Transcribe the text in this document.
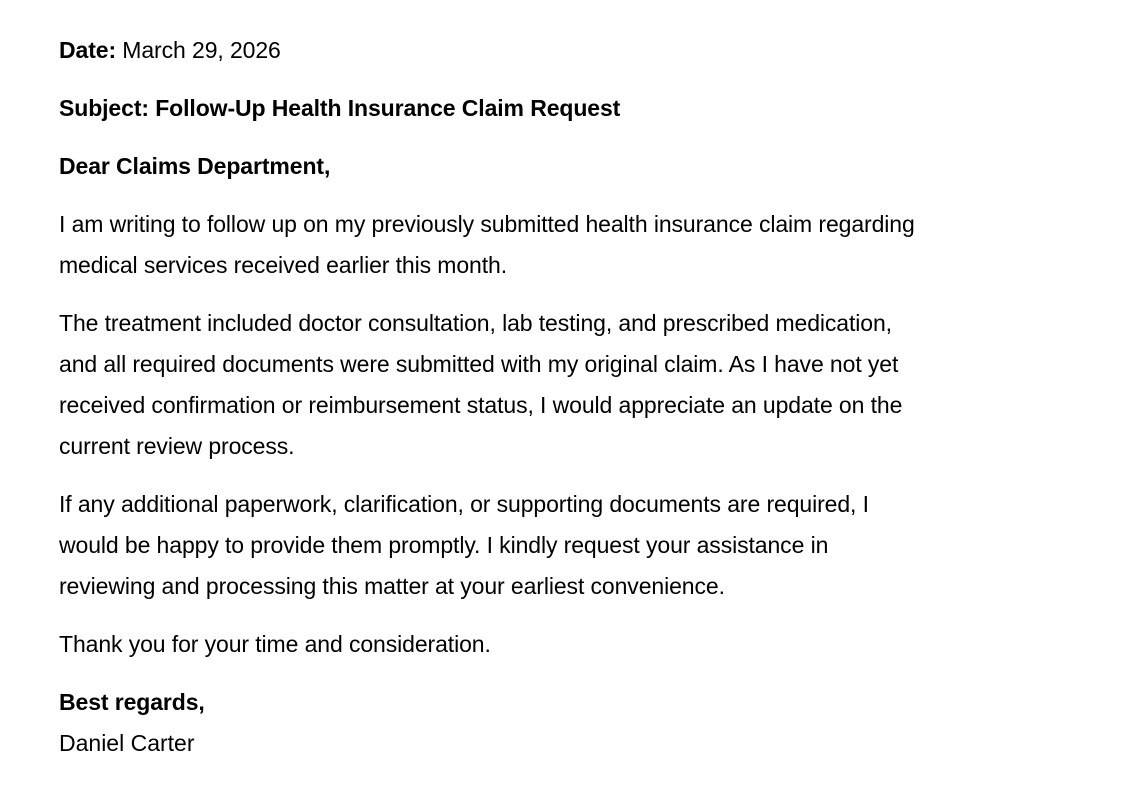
Date: March 29, 2026

Subject: Follow-Up Health Insurance Claim Request

Dear Claims Department,

I am writing to follow up on my previously submitted health insurance claim regarding

medical services received earlier this month.

The treatment included doctor consultation, lab testing, and prescribed medication,

and all required documents were submitted with my original claim. As I have not yet

received confirmation or reimbursement status, I would appreciate an update on the

current review process.

If any additional paperwork, clarification, or supporting documents are required, I

would be happy to provide them promptly. I kindly request your assistance in

reviewing and processing this matter at your earliest convenience.

Thank you for your time and consideration.

Best regards,

Daniel Carter
